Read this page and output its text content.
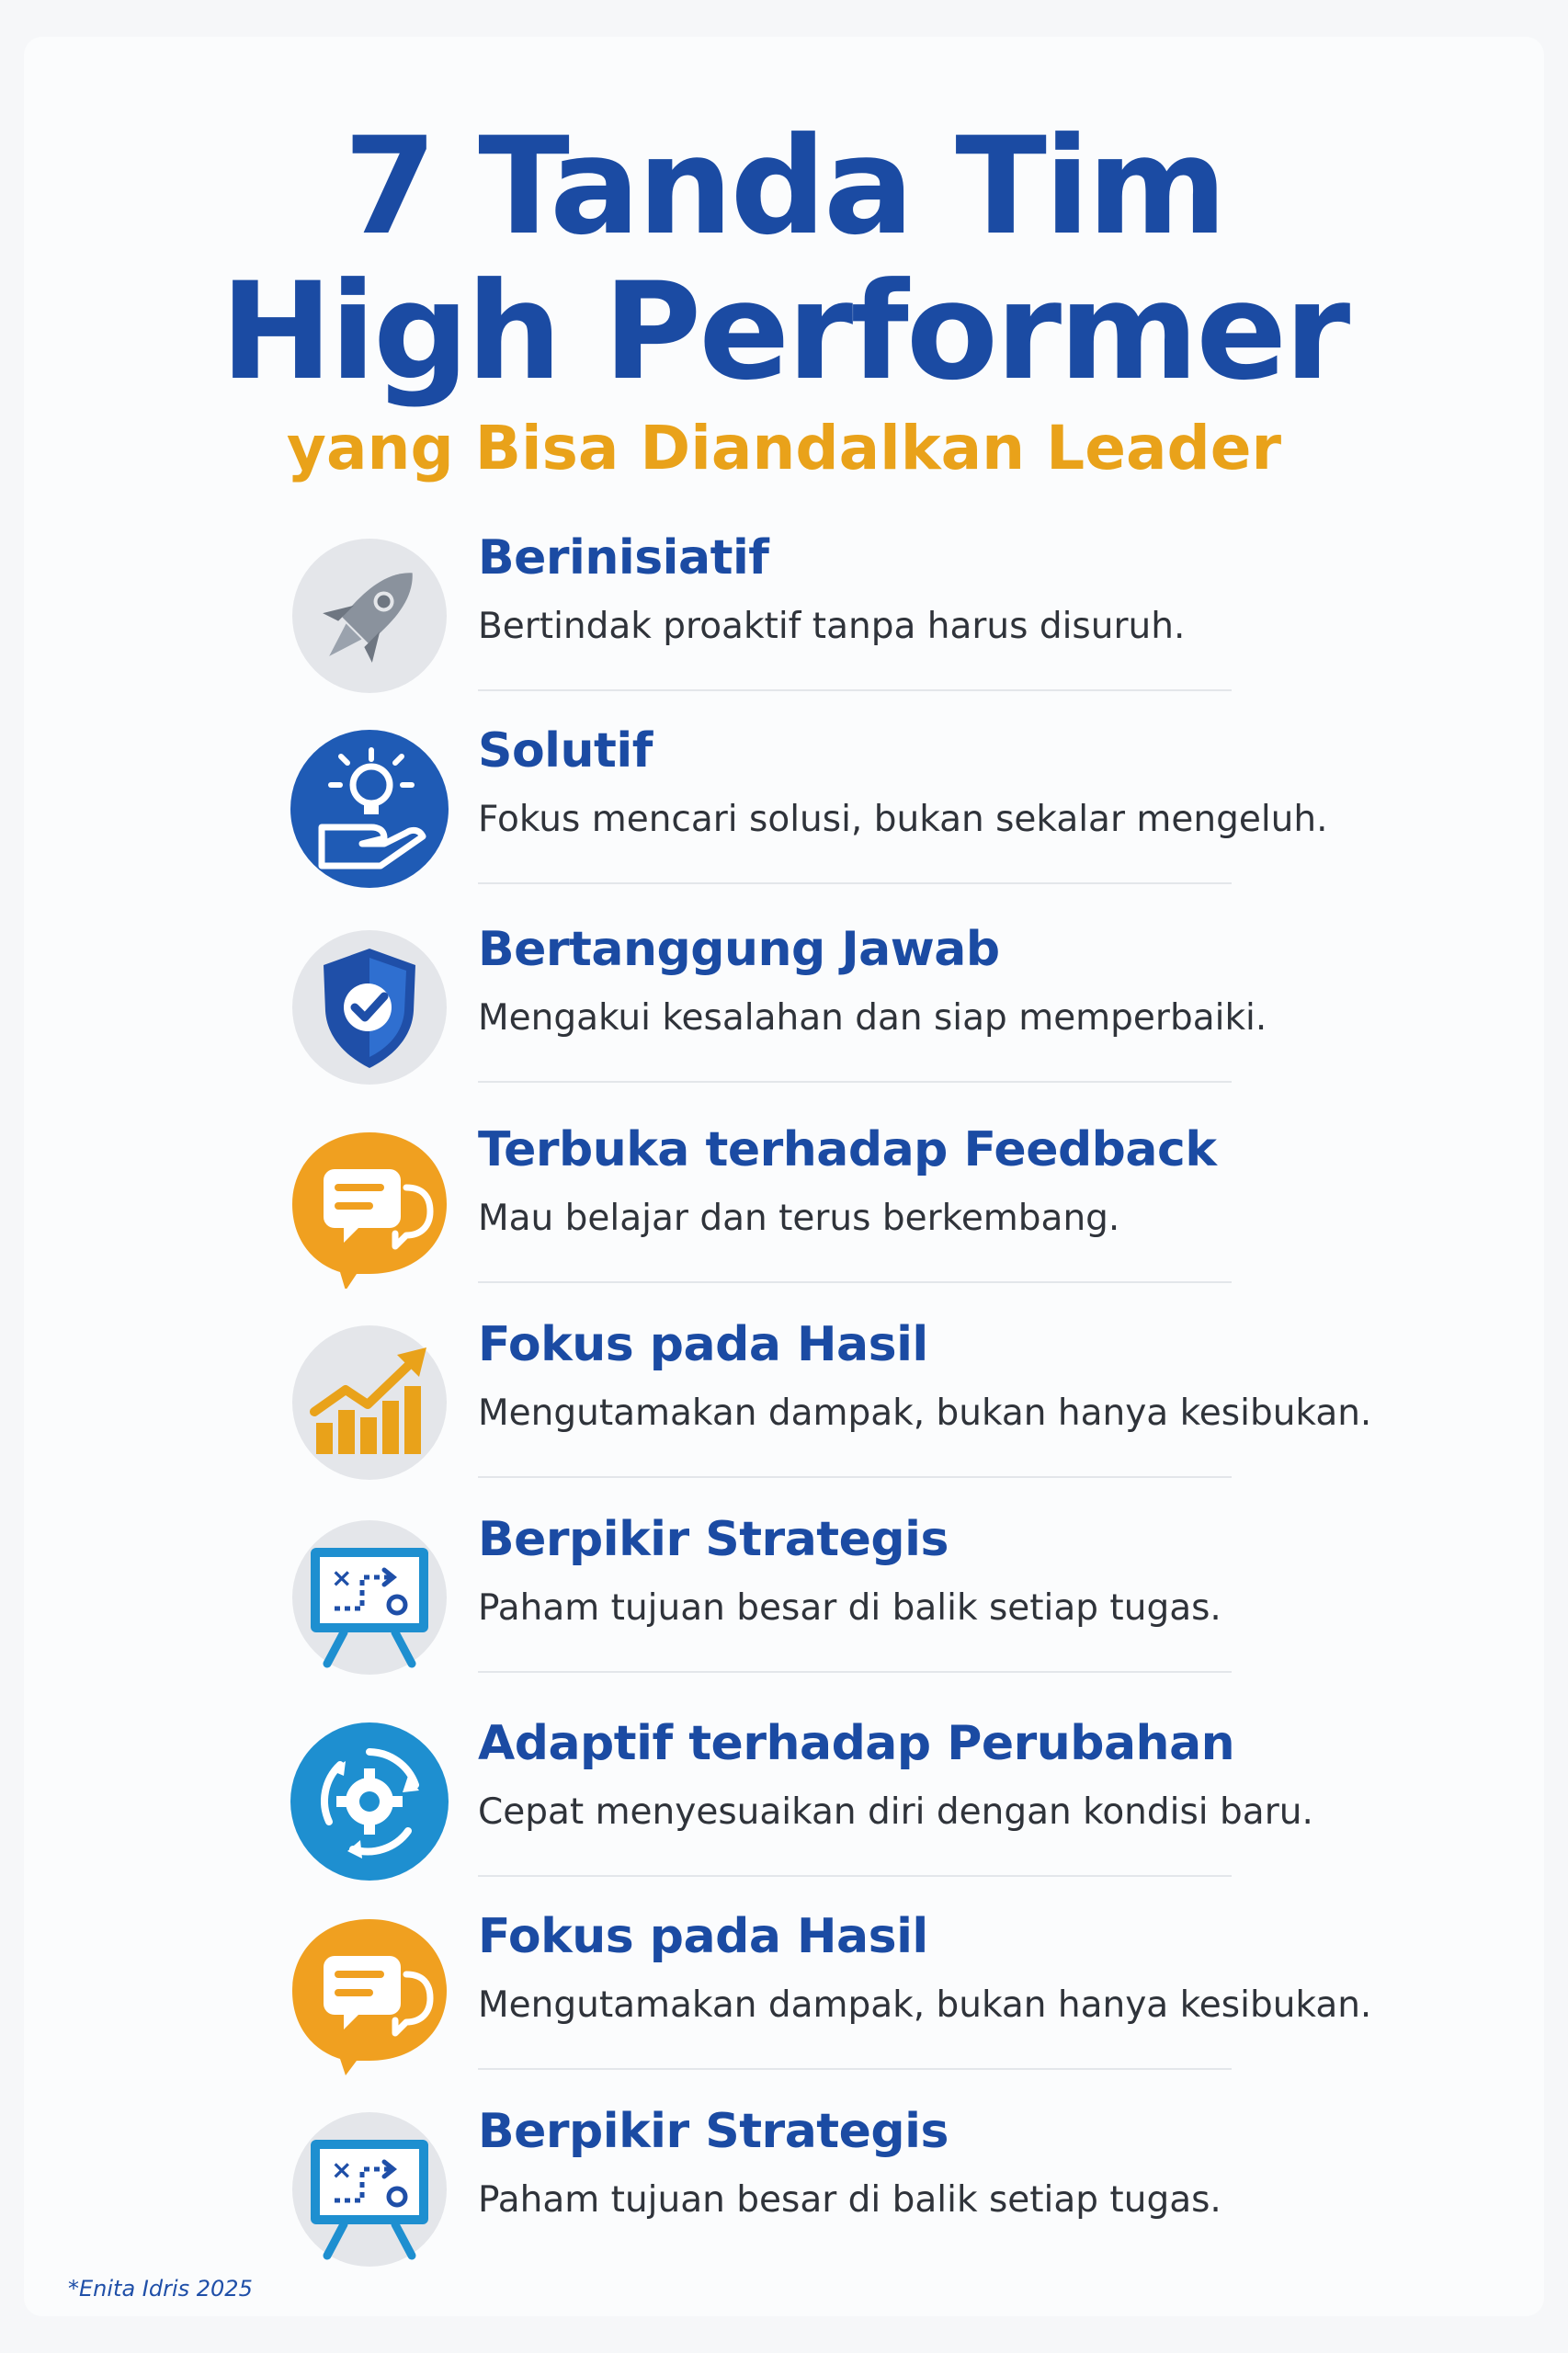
7 Tanda Tim
High Performer
yang Bisa Diandalkan Leader
Berinisiatif
Bertindak proaktif tanpa harus disuruh.
Solutif
Fokus mencari solusi, bukan sekalar mengeluh.
Bertanggung Jawab
Mengakui kesalahan dan siap memperbaiki.
Terbuka terhadap Feedback
Mau belajar dan terus berkembang.
Fokus pada Hasil
Mengutamakan dampak, bukan hanya kesibukan.
×
Berpikir Strategis
Paham tujuan besar di balik setiap tugas.
Adaptif terhadap Perubahan
Cepat menyesuaikan diri dengan kondisi baru.
Fokus pada Hasil
Mengutamakan dampak, bukan hanya kesibukan.
×
Berpikir Strategis
Paham tujuan besar di balik setiap tugas.
*Enita Idris 2025
